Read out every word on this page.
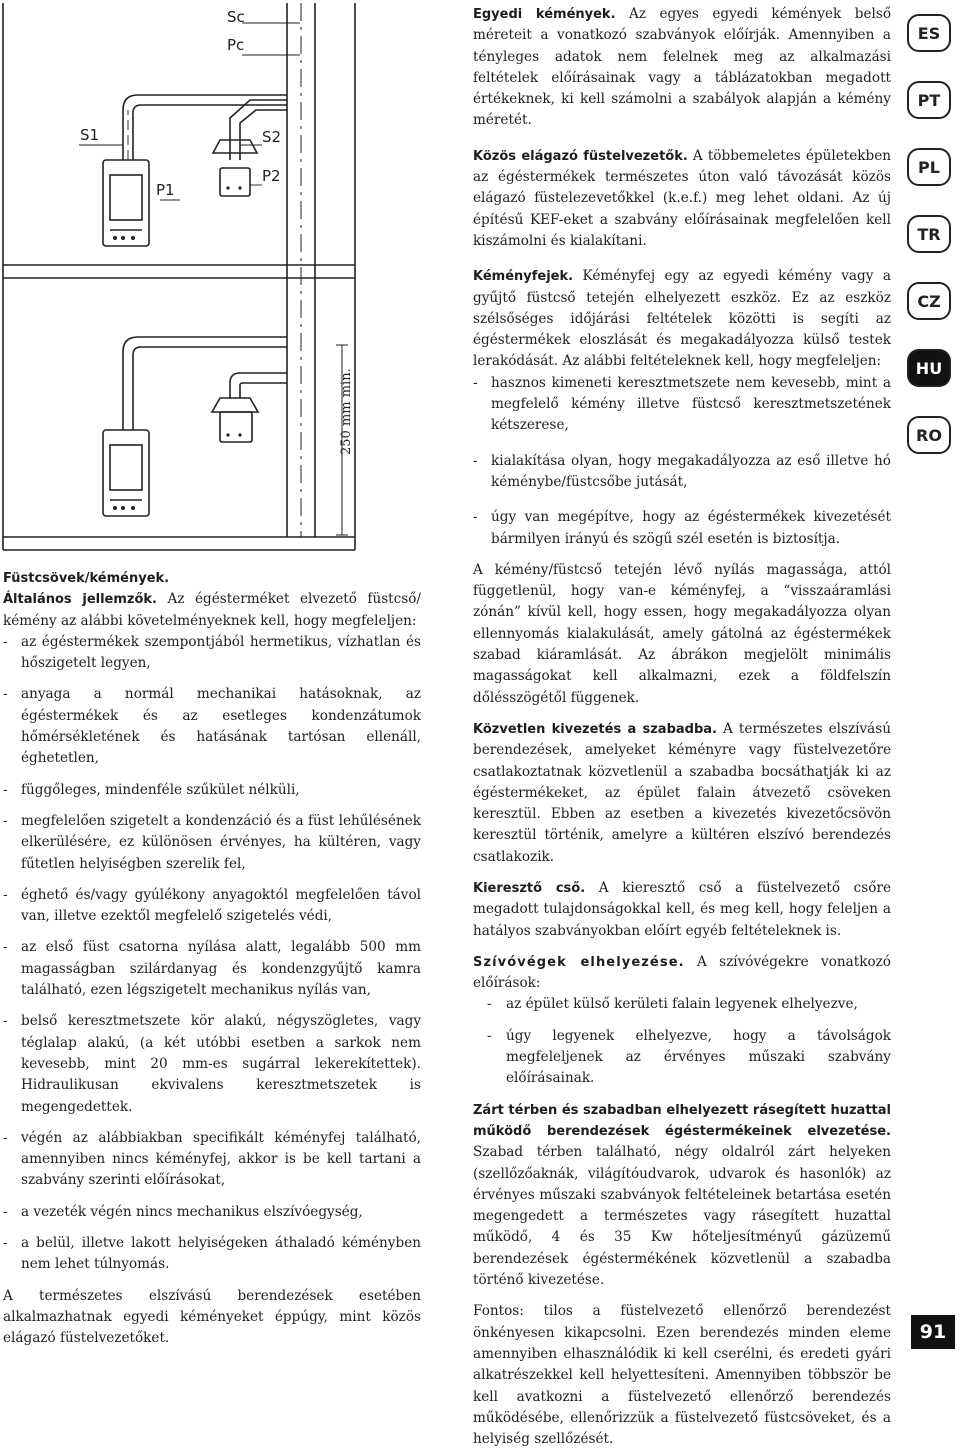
Sc
Pc
S1
P1
S2
P2
250 mm min.

Füstcsövek/kémények.

Általános jellemzők. Az égésterméket elvezető füstcső/ kémény az alábbi követelményeknek kell, hogy megfeleljen:

- az égéstermékek szempontjából hermetikus, vízhatlan és hőszigetelt legyen,
- anyaga a normál mechanikai hatásoknak, az égéstermékek és az esetleges kondenzátumok hőmérsékletének és hatásának tartósan ellenáll, éghetetlen,
- függőleges, mindenféle szűkület nélküli,
- megfelelően szigetelt a kondenzáció és a füst lehűlésének elkerülésére, ez különösen érvényes, ha kültéren, vagy fűtetlen helyiségben szerelik fel,
- éghető és/vagy gyúlékony anyagoktól megfelelően távol van, illetve ezektől megfelelő szigetelés védi,
- az első füst csatorna nyílása alatt, legalább 500 mm magasságban szilárdanyag és kondenzgyűjtő kamra található, ezen légszigetelt mechanikus nyílás van,
- belső keresztmetszete kör alakú, négyszögletes, vagy téglalap alakú, (a két utóbbi esetben a sarkok nem kevesebb, mint 20 mm-es sugárral lekerekítettek). Hidraulikusan ekvivalens keresztmetszetek is megengedettek.
- végén az alábbiakban specifikált kéményfej található, amennyiben nincs kéményfej, akkor is be kell tartani a szabvány szerinti előírásokat,
- a vezeték végén nincs mechanikus elszívóegység,
- a belül, illetve lakott helyiségeken áthaladó kéményben nem lehet túlnyomás.

A természetes elszívású berendezések esetében alkalmazhatnak egyedi kéményeket éppúgy, mint közös elágazó füstelvezetőket.

Egyedi kémények. Az egyes egyedi kémények belső méreteit a vonatkozó szabványok előírják. Amennyiben a tényleges adatok nem felelnek meg az alkalmazási feltételek előírásainak vagy a táblázatokban megadott értékeknek, ki kell számolni a szabályok alapján a kémény méretét.

Közös elágazó füstelvezetők. A többemeletes épületekben az égéstermékek természetes úton való távozását közös elágazó füstelezevetőkkel (k.e.f.) meg lehet oldani. Az új építésű KEF-eket a szabvány előírásainak megfelelően kell kiszámolni és kialakítani.

Kéményfejek. Kéményfej egy az egyedi kémény vagy a gyűjtő füstcső tetején elhelyezett eszköz. Ez az eszköz szélsőséges időjárási feltételek közötti is segíti az égéstermékek eloszlását és megakadályozza külső testek lerakódását. Az alábbi feltételeknek kell, hogy megfeleljen:

- hasznos kimeneti keresztmetszete nem kevesebb, mint a megfelelő kémény illetve füstcső keresztmetszetének kétszerese,
- kialakítása olyan, hogy megakadályozza az eső illetve hó kéménybe/füstcsőbe jutását,
- úgy van megépítve, hogy az égéstermékek kivezetését bármilyen irányú és szögű szél esetén is biztosítja.

A kémény/füstcső tetején lévő nyílás magassága, attól függetlenül, hogy van-e kéményfej, a “visszaáramlási zónán” kívül kell, hogy essen, hogy megakadályozza olyan ellennyomás kialakulását, amely gátolná az égéstermékek szabad kiáramlását. Az ábrákon megjelölt minimális magasságokat kell alkalmazni, ezek a földfelszín dőlésszögétől függenek.

Közvetlen kivezetés a szabadba. A természetes elszívású berendezések, amelyeket kéményre vagy füstelvezetőre csatlakoztatnak közvetlenül a szabadba bocsáthatják ki az égéstermékeket, az épület falain átvezető csöveken keresztül. Ebben az esetben a kivezetés kivezetőcsövön keresztül történik, amelyre a kültéren elszívó berendezés csatlakozik.

Kieresztő cső. A kieresztő cső a füstelvezető csőre megadott tulajdonságokkal kell, és meg kell, hogy feleljen a hatályos szabványokban előírt egyéb feltételeknek is.

Szívóvégek elhelyezése. A szívóvégekre vonatkozó előírások:

- az épület külső kerületi falain legyenek elhelyezve,
- úgy legyenek elhelyezve, hogy a távolságok megfeleljenek az érvényes műszaki szabvány előírásainak.

Zárt térben és szabadban elhelyezett rásegített huzattal működő berendezések égéstermékeinek elvezetése. Szabad térben található, négy oldalról zárt helyeken (szellőzőaknák, világítóudvarok, udvarok és hasonlók) az érvényes műszaki szabványok feltételeinek betartása esetén megengedett a természetes vagy rásegített huzattal működő, 4 és 35 Kw hőteljesítményű gázüzemű berendezések égéstermékének közvetlenül a szabadba történő kivezetése.

Fontos: tilos a füstelvezető ellenőrző berendezést önkényesen kikapcsolni. Ezen berendezés minden eleme amennyiben elhasználódik ki kell cserélni, és eredeti gyári alkatrészekkel kell helyettesíteni. Amennyiben többször be kell avatkozni a füstelvezető ellenőrző berendezés működésébe, ellenőrizzük a füstelvezető füstcsöveket, és a helyiség szellőzését.

ES
PT
PL
TR
CZ
HU
RO
91
